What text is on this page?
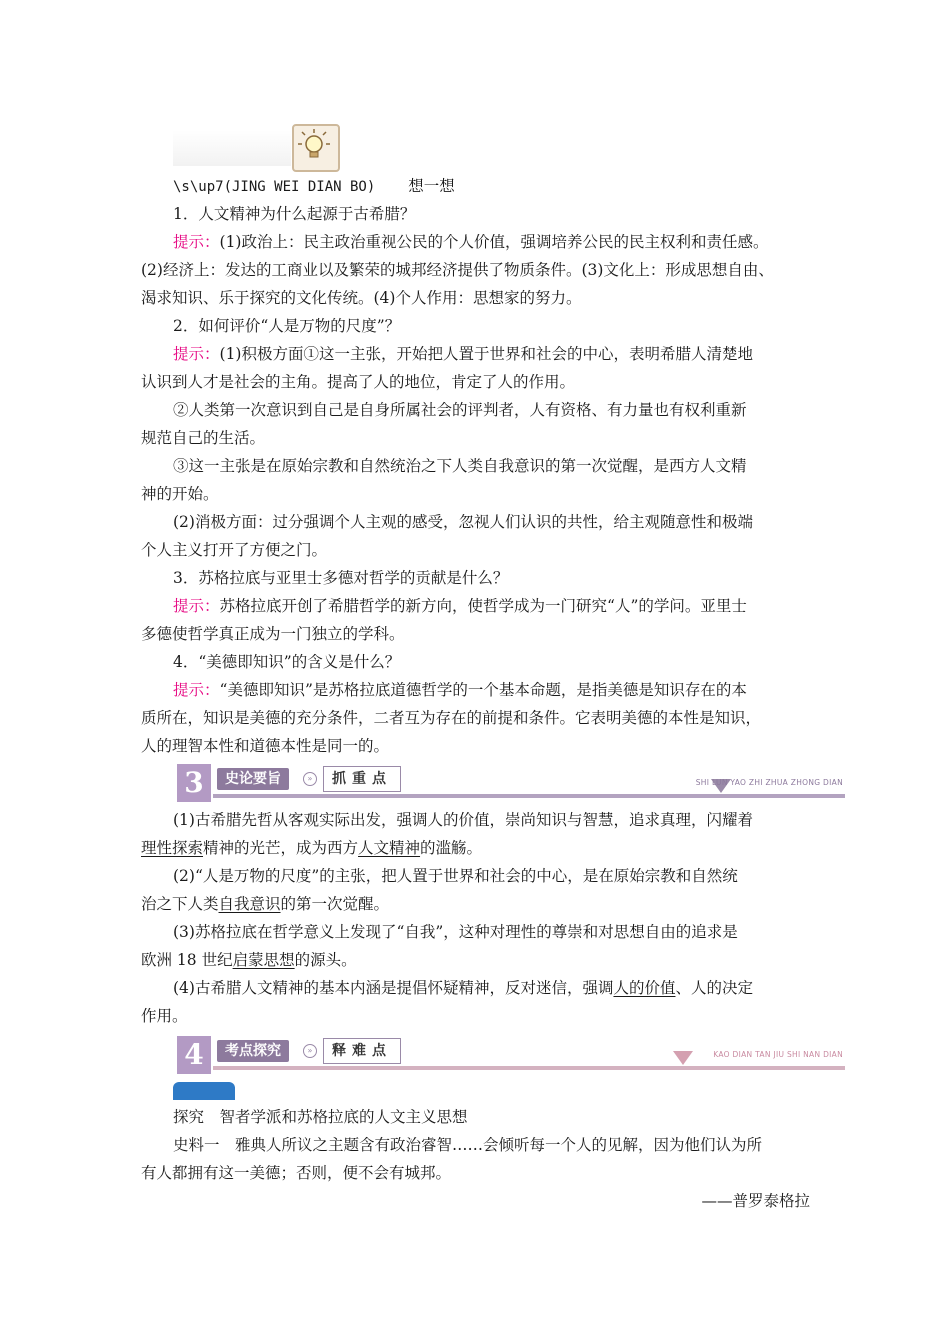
\s\up7(JING WEI DIAN BO) 想一想
1．人文精神为什么起源于古希腊？
提示：(1)政治上：民主政治重视公民的个人价值，强调培养公民的民主权利和责任感。
(2)经济上：发达的工商业以及繁荣的城邦经济提供了物质条件。(3)文化上：形成思想自由、
渴求知识、乐于探究的文化传统。(4)个人作用：思想家的努力。
2．如何评价“人是万物的尺度”？
提示：(1)积极方面①这一主张，开始把人置于世界和社会的中心，表明希腊人清楚地
认识到人才是社会的主角。提高了人的地位，肯定了人的作用。
②人类第一次意识到自己是自身所属社会的评判者，人有资格、有力量也有权利重新
规范自己的生活。
③这一主张是在原始宗教和自然统治之下人类自我意识的第一次觉醒，是西方人文精
神的开始。
(2)消极方面：过分强调个人主观的感受，忽视人们认识的共性，给主观随意性和极端
个人主义打开了方便之门。
3．苏格拉底与亚里士多德对哲学的贡献是什么？
提示：苏格拉底开创了希腊哲学的新方向，使哲学成为一门研究“人”的学问。亚里士
多德使哲学真正成为一门独立的学科。
4．“美德即知识”的含义是什么？
提示：“美德即知识”是苏格拉底道德哲学的一个基本命题，是指美德是知识存在的本
质所在，知识是美德的充分条件，二者互为存在的前提和条件。它表明美德的本性是知识，
人的理智本性和道德本性是同一的。
3	史论要旨	»	抓重点	SHI LUN YAO ZHI ZHUA ZHONG DIAN
(1)古希腊先哲从客观实际出发，强调人的价值，崇尚知识与智慧，追求真理，闪耀着
理性探索精神的光芒，成为西方人文精神的滥觞。
(2)“人是万物的尺度”的主张，把人置于世界和社会的中心，是在原始宗教和自然统
治之下人类自我意识的第一次觉醒。
(3)苏格拉底在哲学意义上发现了“自我”，这种对理性的尊崇和对思想自由的追求是
欧洲 18 世纪启蒙思想的源头。
(4)古希腊人文精神的基本内涵是提倡怀疑精神，反对迷信，强调人的价值、人的决定
作用。
4	考点探究	»	释难点	KAO DIAN TAN JIU SHI NAN DIAN
探究　智者学派和苏格拉底的人文主义思想
史料一　雅典人所议之主题含有政治睿智……会倾听每一个人的见解，因为他们认为所
有人都拥有这一美德；否则，便不会有城邦。
——普罗泰格拉
